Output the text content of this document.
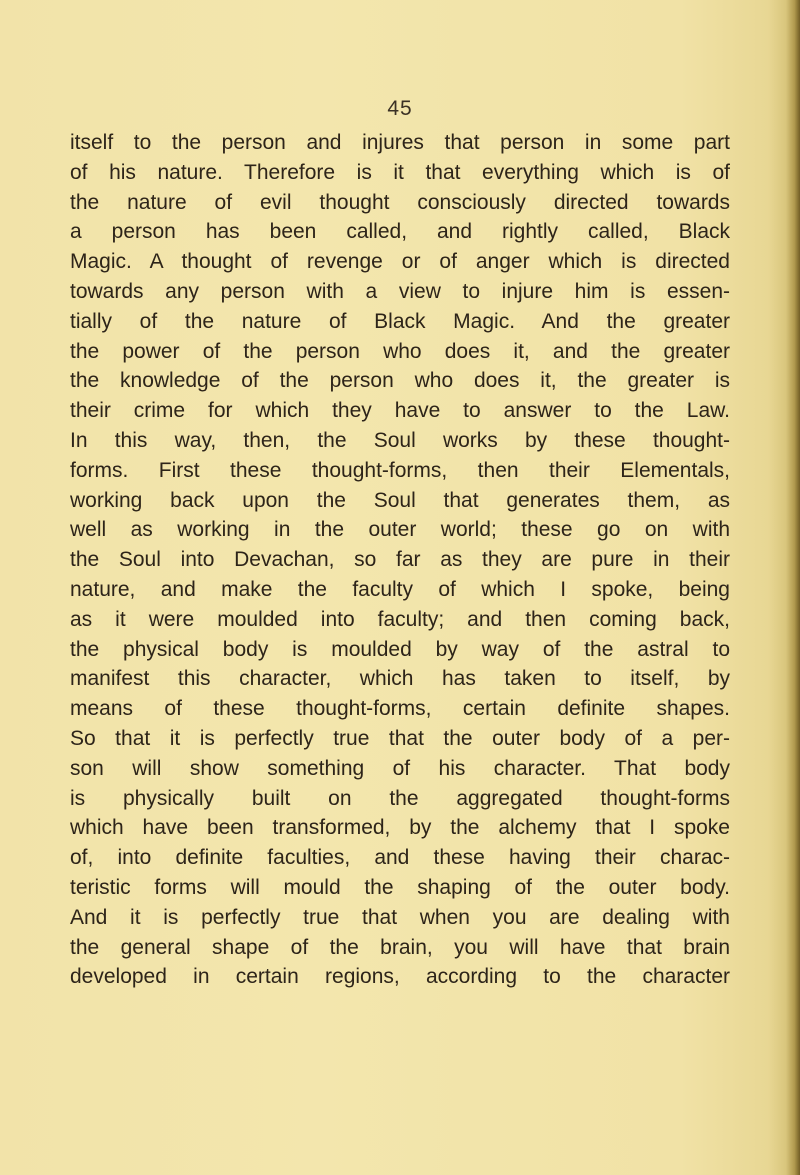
45
itself to the person and injures that person in some part
of his nature. Therefore is it that everything which is of
the nature of evil thought consciously directed towards
a person has been called, and rightly called, Black
Magic. A thought of revenge or of anger which is directed
towards any person with a view to injure him is essen-
tially of the nature of Black Magic. And the greater
the power of the person who does it, and the greater
the knowledge of the person who does it, the greater is
their crime for which they have to answer to the Law.
In this way, then, the Soul works by these thought-
forms. First these thought-forms, then their Elementals,
working back upon the Soul that generates them, as
well as working in the outer world; these go on with
the Soul into Devachan, so far as they are pure in their
nature, and make the faculty of which I spoke, being
as it were moulded into faculty; and then coming back,
the physical body is moulded by way of the astral to
manifest this character, which has taken to itself, by
means of these thought-forms, certain definite shapes.
So that it is perfectly true that the outer body of a per-
son will show something of his character. That body
is physically built on the aggregated thought-forms
which have been transformed, by the alchemy that I spoke
of, into definite faculties, and these having their charac-
teristic forms will mould the shaping of the outer body.
And it is perfectly true that when you are dealing with
the general shape of the brain, you will have that brain
developed in certain regions, according to the character
